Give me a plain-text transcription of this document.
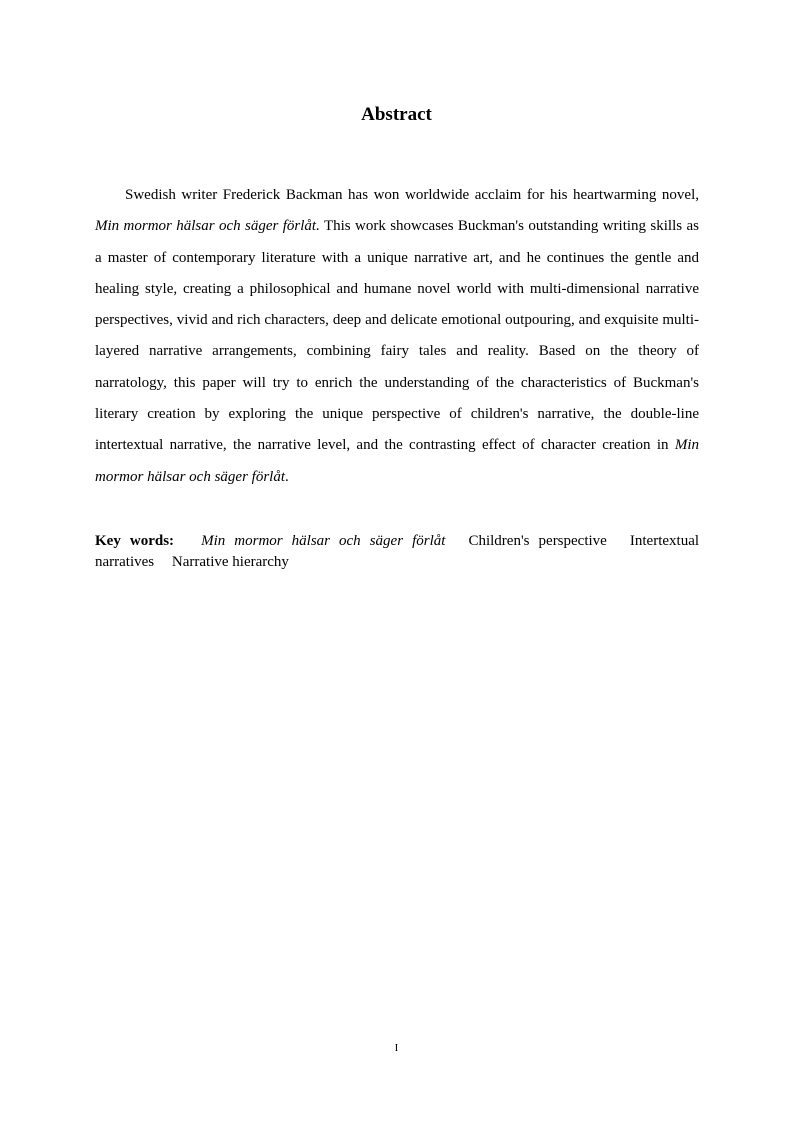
Abstract

Swedish writer Frederick Backman has won worldwide acclaim for his heartwarming novel, Min mormor hälsar och säger förlåt. This work showcases Buckman's outstanding writing skills as a master of contemporary literature with a unique narrative art, and he continues the gentle and healing style, creating a philosophical and humane novel world with multi-dimensional narrative perspectives, vivid and rich characters, deep and delicate emotional outpouring, and exquisite multi-layered narrative arrangements, combining fairy tales and reality. Based on the theory of narratology, this paper will try to enrich the understanding of the characteristics of Buckman's literary creation by exploring the unique perspective of children's narrative, the double-line intertextual narrative, the narrative level, and the contrasting effect of character creation in Min mormor hälsar och säger förlåt.

Key words: Min mormor hälsar och säger förlåt Children's perspective Intertextual narratives Narrative hierarchy

I
